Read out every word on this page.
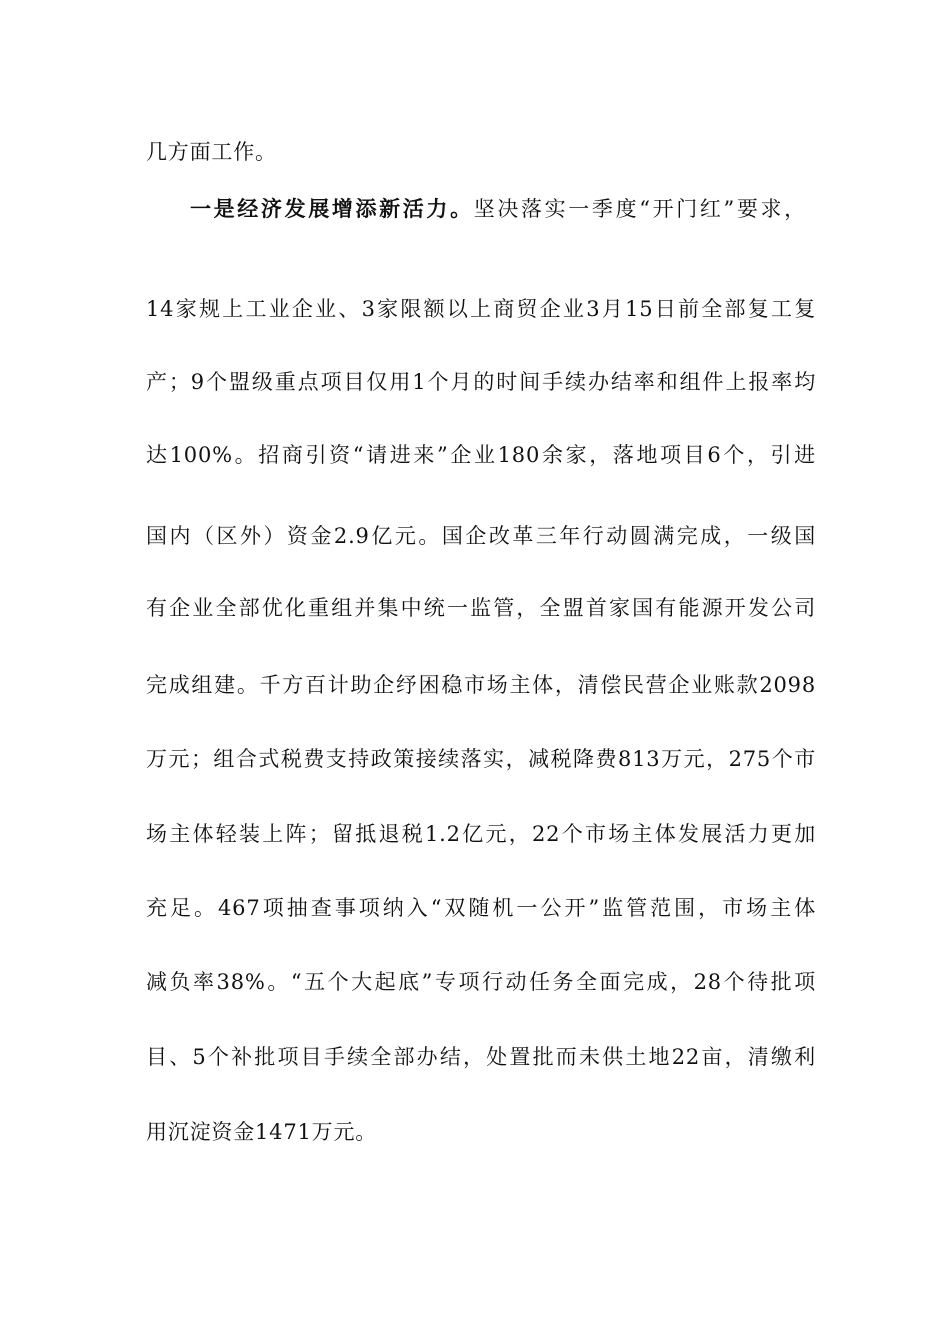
几方面工作。
一是经济发展增添新活力。坚决落实一季度“开门红”要求，
14家规上工业企业、3家限额以上商贸企业3月15日前全部复工复
产；9个盟级重点项目仅用1个月的时间手续办结率和组件上报率均
达100%。招商引资“请进来”企业180余家，落地项目6个，引进
国内（区外）资金2.9亿元。国企改革三年行动圆满完成，一级国
有企业全部优化重组并集中统一监管，全盟首家国有能源开发公司
完成组建。千方百计助企纾困稳市场主体，清偿民营企业账款2098
万元；组合式税费支持政策接续落实，减税降费813万元，275个市
场主体轻装上阵；留抵退税1.2亿元，22个市场主体发展活力更加
充足。467项抽查事项纳入“双随机一公开”监管范围，市场主体
减负率38%。“五个大起底”专项行动任务全面完成，28个待批项
目、5个补批项目手续全部办结，处置批而未供土地22亩，清缴利
用沉淀资金1471万元。
